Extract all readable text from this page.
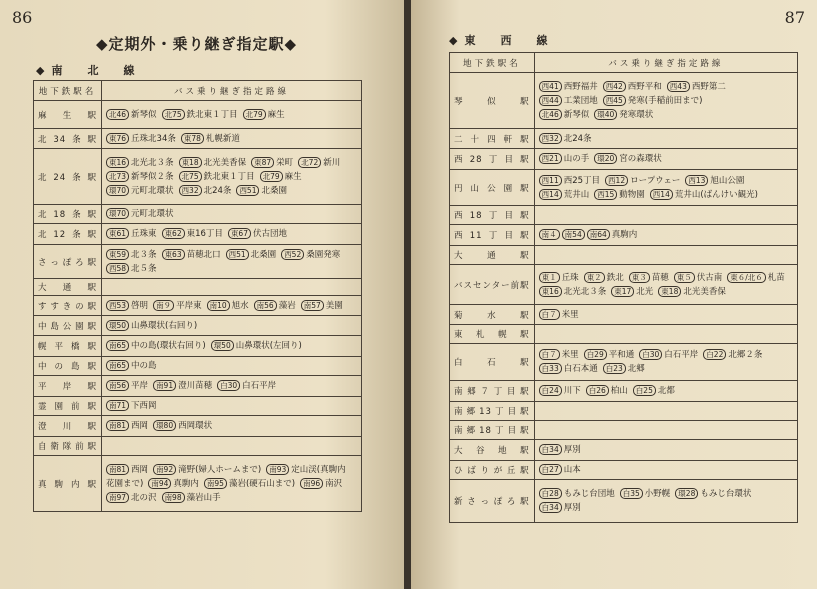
86
◆定期外・乗り継ぎ指定駅◆
◆南　北　線
地下鉄駅名	バス乗り継ぎ指定路線
麻　生　駅	北46 新琴似 北75 鉄北東１丁目 北79 麻生

北34条駅	東76 丘珠北34条 東78 札幌新道

北24条駅	東16 北光北３条 東18 北光美香保 東87 栄町 北72 新川
北73 新琴似２条 北75 鉄北東１丁目 北79 麻生
環70 元町北環状 西32 北24条 西51 北桑園

北18条駅	環70 元町北環状

北12条駅	東61 丘珠東 東62 東16丁目 東67 伏古団地

さっぽろ駅	東59 北３条 東63 苗穂北口 西51 北桑園 西52 桑園発寒
西58 北５条

大　通　駅	
すすきの駅	西53 啓明 南９ 平岸東 南10 旭水 南56 藻岩 南57 美園

中島公園駅	環50 山鼻環状(右回り)

幌平橋駅	南65 中の島(環状右回り) 環50 山鼻環状(左回り)

中の島駅	南65 中の島

平　岸　駅	南56 平岸 南91 澄川苗穂 白30 白石平岸

霊園前駅	南71 下西岡

澄　川　駅	南81 西岡 環80 西岡環状

自衛隊前駅	
真駒内駅	南81 西岡 南92 滝野(婦人ホームまで) 南93 定山渓(真駒内
花園まで) 南94 真駒内 南95 藻岩(硬石山まで) 南96 南沢
南97 北の沢 南98 藻岩山手
87
◆東　西　線
地下鉄駅名	バス乗り継ぎ指定路線
琴　似　駅	西41 西野福井 西42 西野平和 西43 西野第二
西44 工業団地 西45 発寒(手稲前田まで)
北46 新琴似 環40 発寒環状

二十四軒駅	西32 北24条

西28丁目駅	西21 山の手 環20 宮の森環状

円山公園駅	西11 西25丁目 西12 ロープウェー 西13 旭山公園
西14 荒井山 西15 動物園 西14 荒井山(ばんけい観光)

西18丁目駅	
西11丁目駅	南４ 南54 南64 真駒内

大　通　駅	
バスセンター前駅	東１ 丘珠 東２ 鉄北 東３ 苗穂 東５ 伏古南 東６/北６ 札苗
東16 北光北３条 東17 北光 東18 北光美香保

菊　水　駅	白７ 米里

東札幌駅	
白　石　駅	白７ 米里 白29 平和通 白30 白石平岸 白22 北郷２条
白33 白石本通 白23 北郷

南郷７丁目駅	白24 川下 白26 柏山 白25 北都

南郷13丁目駅	
南郷18丁目駅	
大谷地駅	白34 厚別

ひばりが丘駅	白27 山本

新さっぽろ駅	白28 もみじ台団地 白35 小野幌 環28 もみじ台環状
白34 厚別
